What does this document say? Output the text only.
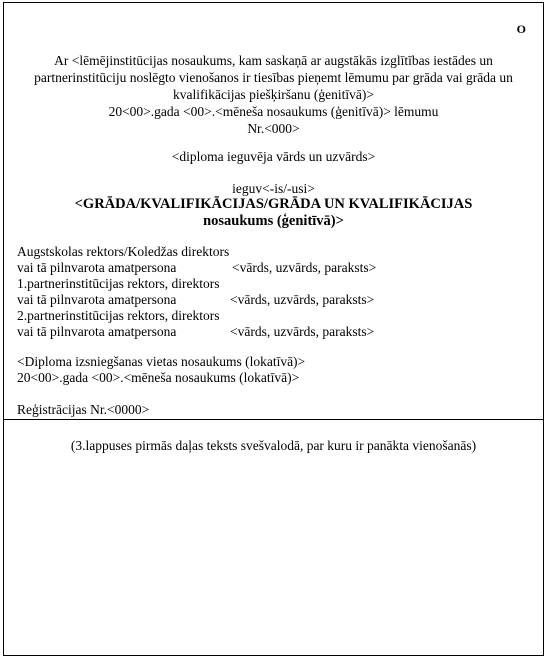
O
Ar <lēmējinstitūcijas nosaukums, kam saskaņā ar augstākās izglītības iestādes un
partnerinstitūciju noslēgto vienošanos ir tiesības pieņemt lēmumu par grāda vai grāda un
kvalifikācijas piešķiršanu (ģenitīvā)>
20<00>.gada <00>.<mēneša nosaukums (ģenitīvā)> lēmumu
Nr.<000>
<diploma ieguvēja vārds un uzvārds>
ieguv<-is/-usi>
<GRĀDA/KVALIFIKĀCIJAS/GRĀDA UN KVALIFIKĀCIJAS
nosaukums (ģenitīvā)>
Augstskolas rektors/Koledžas direktors
vai tā pilnvarota amatpersona	<vārds, uzvārds, paraksts>
1.partnerinstitūcijas rektors, direktors
vai tā pilnvarota amatpersona	<vārds, uzvārds, paraksts>
2.partnerinstitūcijas rektors, direktors
vai tā pilnvarota amatpersona	<vārds, uzvārds, paraksts>
<Diploma izsniegšanas vietas nosaukums (lokatīvā)>
20<00>.gada <00>.<mēneša nosaukums (lokatīvā)>
Reģistrācijas Nr.<0000>
(3.lappuses pirmās daļas teksts svešvalodā, par kuru ir panākta vienošanās)
